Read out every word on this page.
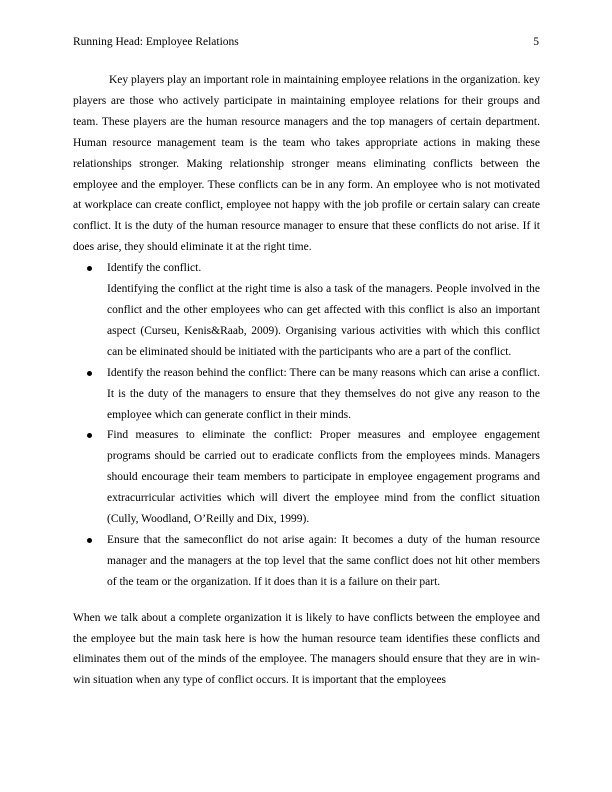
Running Head: Employee Relations	5

Key players play an important role in maintaining employee relations in the organization. key players are those who actively participate in maintaining employee relations for their groups and team. These players are the human resource managers and the top managers of certain department. Human resource management team is the team who takes appropriate actions in making these relationships stronger. Making relationship stronger means eliminating conflicts between the employee and the employer. These conflicts can be in any form. An employee who is not motivated at workplace can create conflict, employee not happy with the job profile or certain salary can create conflict. It is the duty of the human resource manager to ensure that these conflicts do not arise. If it does arise, they should eliminate it at the right time.

Identify the conflict.
Identifying the conflict at the right time is also a task of the managers. People involved in the conflict and the other employees who can get affected with this conflict is also an important aspect (Curseu, Kenis&Raab, 2009). Organising various activities with which this conflict can be eliminated should be initiated with the participants who are a part of the conflict.
Identify the reason behind the conflict: There can be many reasons which can arise a conflict. It is the duty of the managers to ensure that they themselves do not give any reason to the employee which can generate conflict in their minds.
Find measures to eliminate the conflict: Proper measures and employee engagement programs should be carried out to eradicate conflicts from the employees minds. Managers should encourage their team members to participate in employee engagement programs and extracurricular activities which will divert the employee mind from the conflict situation (Cully, Woodland, O’Reilly and Dix, 1999).
Ensure that the sameconflict do not arise again: It becomes a duty of the human resource manager and the managers at the top level that the same conflict does not hit other members of the team or the organization. If it does than it is a failure on their part.

When we talk about a complete organization it is likely to have conflicts between the employee and the employee but the main task here is how the human resource team identifies these conflicts and eliminates them out of the minds of the employee. The managers should ensure that they are in win-win situation when any type of conflict occurs. It is important that the employees
